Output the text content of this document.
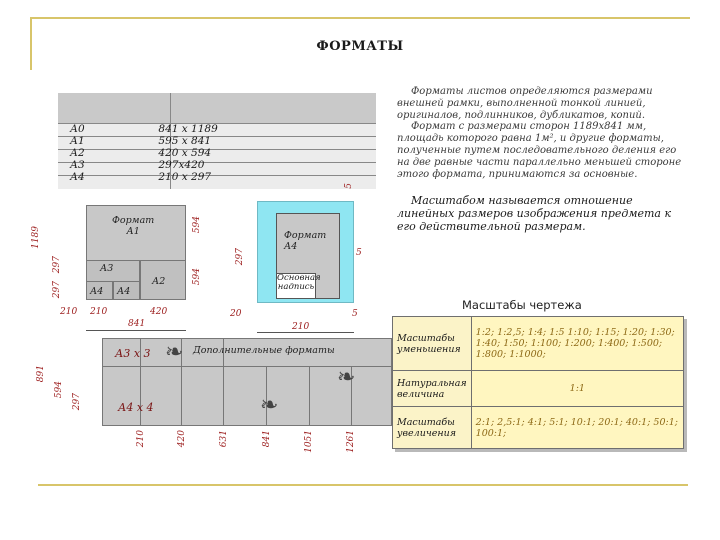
ФОРМАТЫ
А0	841 х 1189
А1	595 х 841
А2	420 х 594
А3	297х420
А4	210 х 297
Формат
А1
А2
А3
А4 А4
1189
297
297
594
594
210 210	420
841
Формат
А4
Основная
надпись
297
5
5
5
20
210
❧
❧
❧
Дополнительные форматы
А3 х 3
А4 х 4
891
594
297
210	420	631	841	1051	1261
Форматы листов определяются размерами внешней рамки, выполненной тонкой линией, оригиналов, подлинников, дубликатов, копий.
Формат с размерами сторон 1189х841 мм, площадь которого равна 1м², и другие форматы, полученные путем последовательного деления его на две равные части параллельно меньшей стороне этого формата, принимаются за основные.
Масштабом называется отношение линейных размеров изображения предмета к его действительной размерам.
Масштабы чертежа
Масштабы уменьшения	1:2; 1:2,5; 1:4; 1:5 1:10; 1:15; 1:20; 1:30; 1:40; 1:50; 1:100; 1:200; 1:400; 1:500; 1:800; 1:1000;
Натуральная величина	1:1
Масштабы увеличения	2:1; 2,5:1; 4:1; 5:1; 10:1; 20:1; 40:1; 50:1; 100:1;
